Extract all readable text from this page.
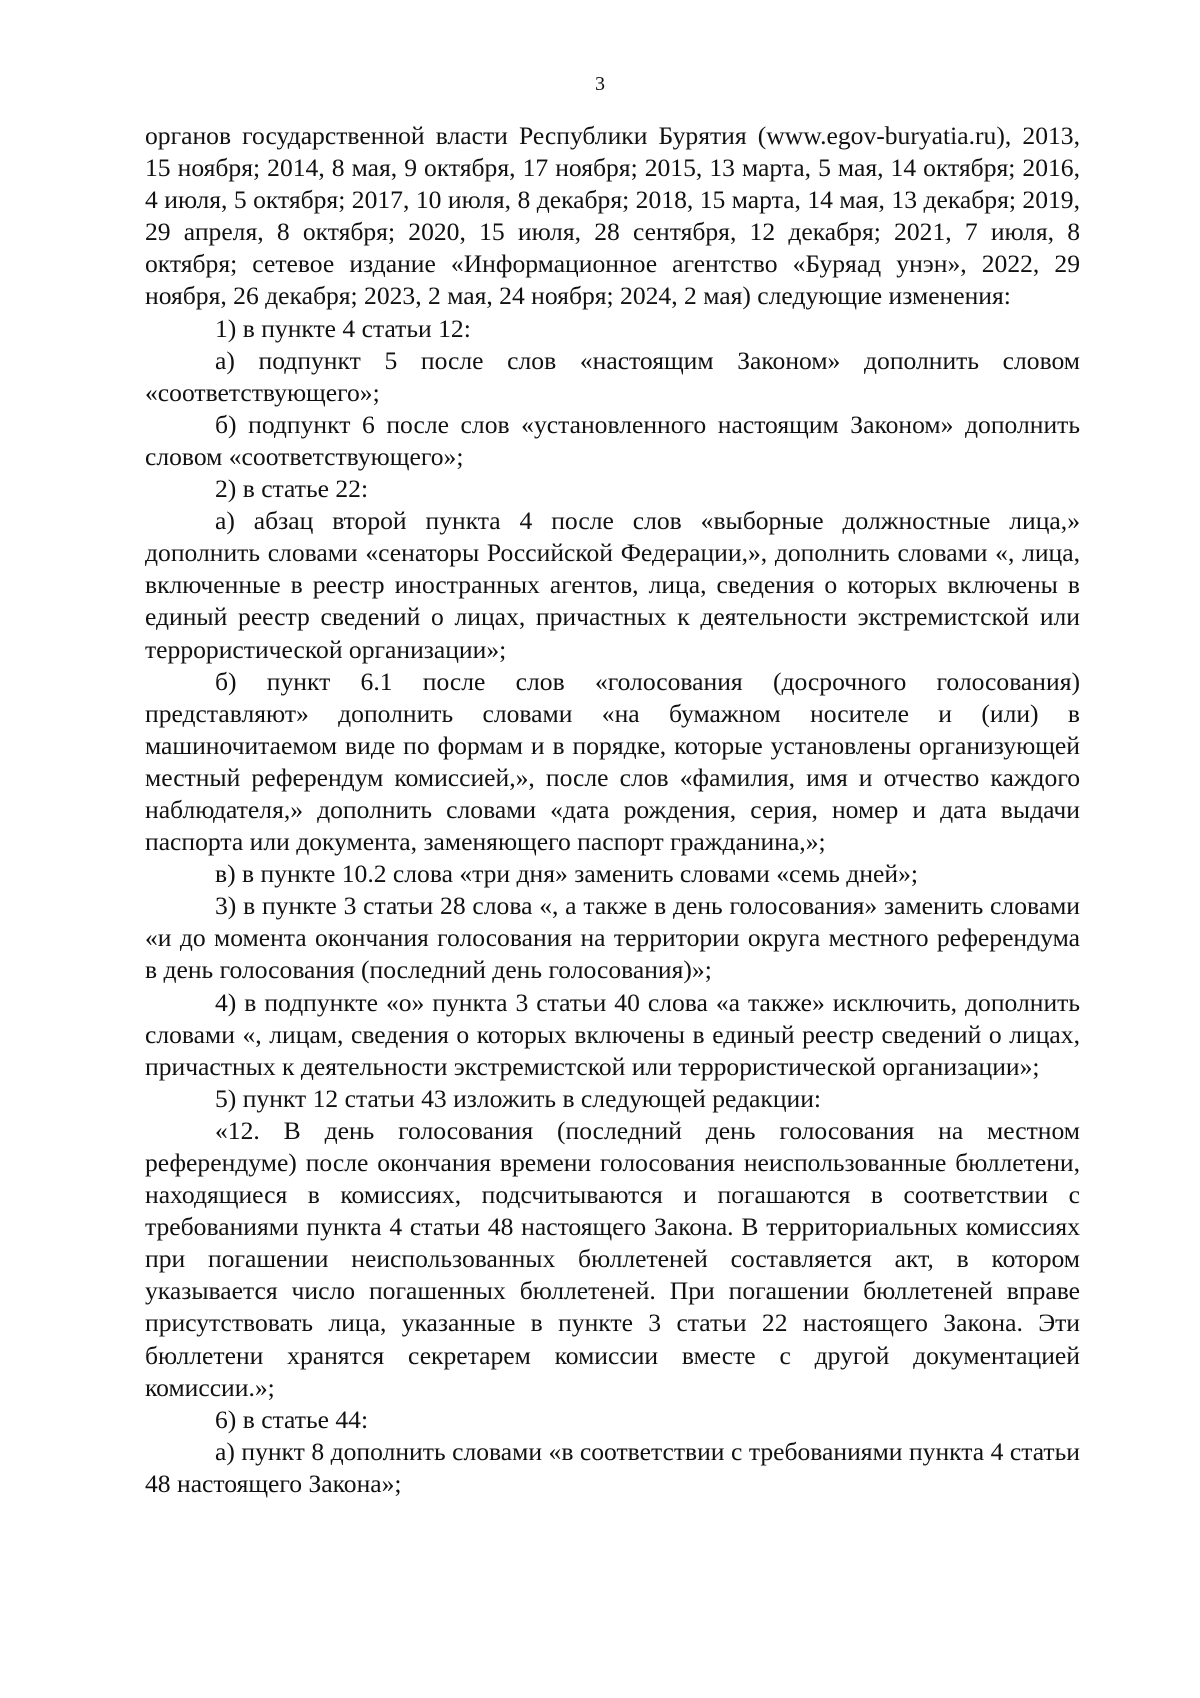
3

органов государственной власти Республики Бурятия (www.egov-buryatia.ru), 2013, 15 ноября; 2014, 8 мая, 9 октября, 17 ноября; 2015, 13 марта, 5 мая, 14 октября; 2016, 4 июля, 5 октября; 2017, 10 июля, 8 декабря; 2018, 15 марта, 14 мая, 13 декабря; 2019, 29 апреля, 8 октября; 2020, 15 июля, 28 сентября, 12 декабря; 2021, 7 июля, 8 октября; сетевое издание «Информационное агентство «Буряад унэн», 2022, 29 ноября, 26 декабря; 2023, 2 мая, 24 ноября; 2024, 2 мая) следующие изменения:

1) в пункте 4 статьи 12:

а) подпункт 5 после слов «настоящим Законом» дополнить словом «соответствующего»;

б) подпункт 6 после слов «установленного настоящим Законом» дополнить словом «соответствующего»;

2) в статье 22:

а) абзац второй пункта 4 после слов «выборные должностные лица,» дополнить словами «сенаторы Российской Федерации,», дополнить словами «, лица, включенные в реестр иностранных агентов, лица, сведения о которых включены в единый реестр сведений о лицах, причастных к деятельности экстремистской или террористической организации»;

б) пункт 6.1 после слов «голосования (досрочного голосования) представляют» дополнить словами «на бумажном носителе и (или) в машиночитаемом виде по формам и в порядке, которые установлены организующей местный референдум комиссией,», после слов «фамилия, имя и отчество каждого наблюдателя,» дополнить словами «дата рождения, серия, номер и дата выдачи паспорта или документа, заменяющего паспорт гражданина,»;

в) в пункте 10.2 слова «три дня» заменить словами «семь дней»;

3) в пункте 3 статьи 28 слова «, а также в день голосования» заменить словами «и до момента окончания голосования на территории округа местного референдума в день голосования (последний день голосования)»;

4) в подпункте «о» пункта 3 статьи 40 слова «а также» исключить, дополнить словами «, лицам, сведения о которых включены в единый реестр сведений о лицах, причастных к деятельности экстремистской или террористической организации»;

5) пункт 12 статьи 43 изложить в следующей редакции:

«12. В день голосования (последний день голосования на местном референдуме) после окончания времени голосования неиспользованные бюллетени, находящиеся в комиссиях, подсчитываются и погашаются в соответствии с требованиями пункта 4 статьи 48 настоящего Закона. В территориальных комиссиях при погашении неиспользованных бюллетеней составляется акт, в котором указывается число погашенных бюллетеней. При погашении бюллетеней вправе присутствовать лица, указанные в пункте 3 статьи 22 настоящего Закона. Эти бюллетени хранятся секретарем комиссии вместе с другой документацией комиссии.»;

6) в статье 44:

а) пункт 8 дополнить словами «в соответствии с требованиями пункта 4 статьи 48 настоящего Закона»;
